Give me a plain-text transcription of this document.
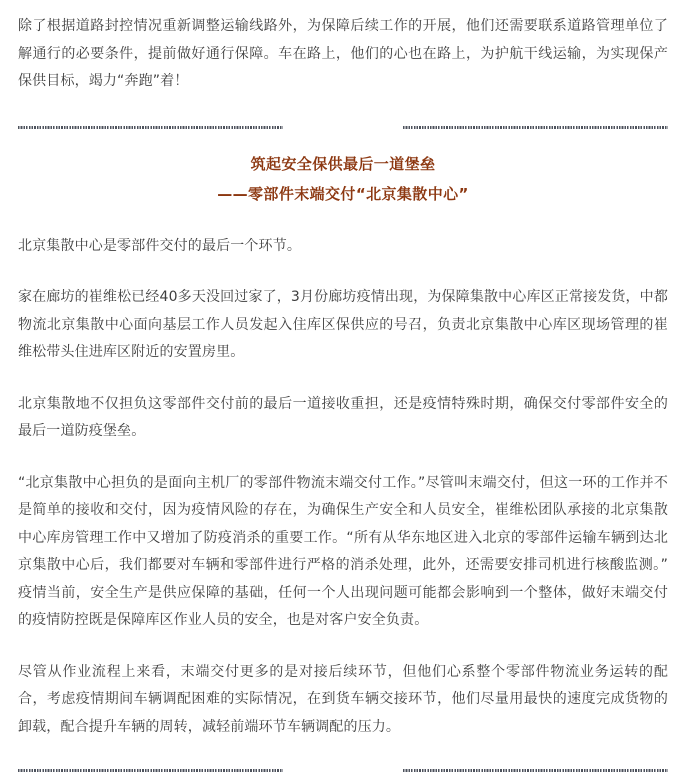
除了根据道路封控情况重新调整运输线路外，为保障后续工作的开展，他们还需要联系道路管理单位了解通行的必要条件，提前做好通行保障。车在路上，他们的心也在路上，为护航干线运输，为实现保产保供目标，竭力“奔跑”着！

筑起安全保供最后一道堡垒
——零部件末端交付“北京集散中心”

北京集散中心是零部件交付的最后一个环节。

家在廊坊的崔维松已经40多天没回过家了，3月份廊坊疫情出现，为保障集散中心库区正常接发货，中都物流北京集散中心面向基层工作人员发起入住库区保供应的号召，负责北京集散中心库区现场管理的崔维松带头住进库区附近的安置房里。

北京集散地不仅担负这零部件交付前的最后一道接收重担，还是疫情特殊时期，确保交付零部件安全的最后一道防疫堡垒。

“北京集散中心担负的是面向主机厂的零部件物流末端交付工作。”尽管叫末端交付，但这一环的工作并不是简单的接收和交付，因为疫情风险的存在，为确保生产安全和人员安全，崔维松团队承接的北京集散中心库房管理工作中又增加了防疫消杀的重要工作。“所有从华东地区进入北京的零部件运输车辆到达北京集散中心后，我们都要对车辆和零部件进行严格的消杀处理，此外，还需要安排司机进行核酸监测。”疫情当前，安全生产是供应保障的基础，任何一个人出现问题可能都会影响到一个整体，做好末端交付的疫情防控既是保障库区作业人员的安全，也是对客户安全负责。

尽管从作业流程上来看，末端交付更多的是对接后续环节，但他们心系整个零部件物流业务运转的配合，考虑疫情期间车辆调配困难的实际情况，在到货车辆交接环节，他们尽量用最快的速度完成货物的卸载，配合提升车辆的周转，减轻前端环节车辆调配的压力。
